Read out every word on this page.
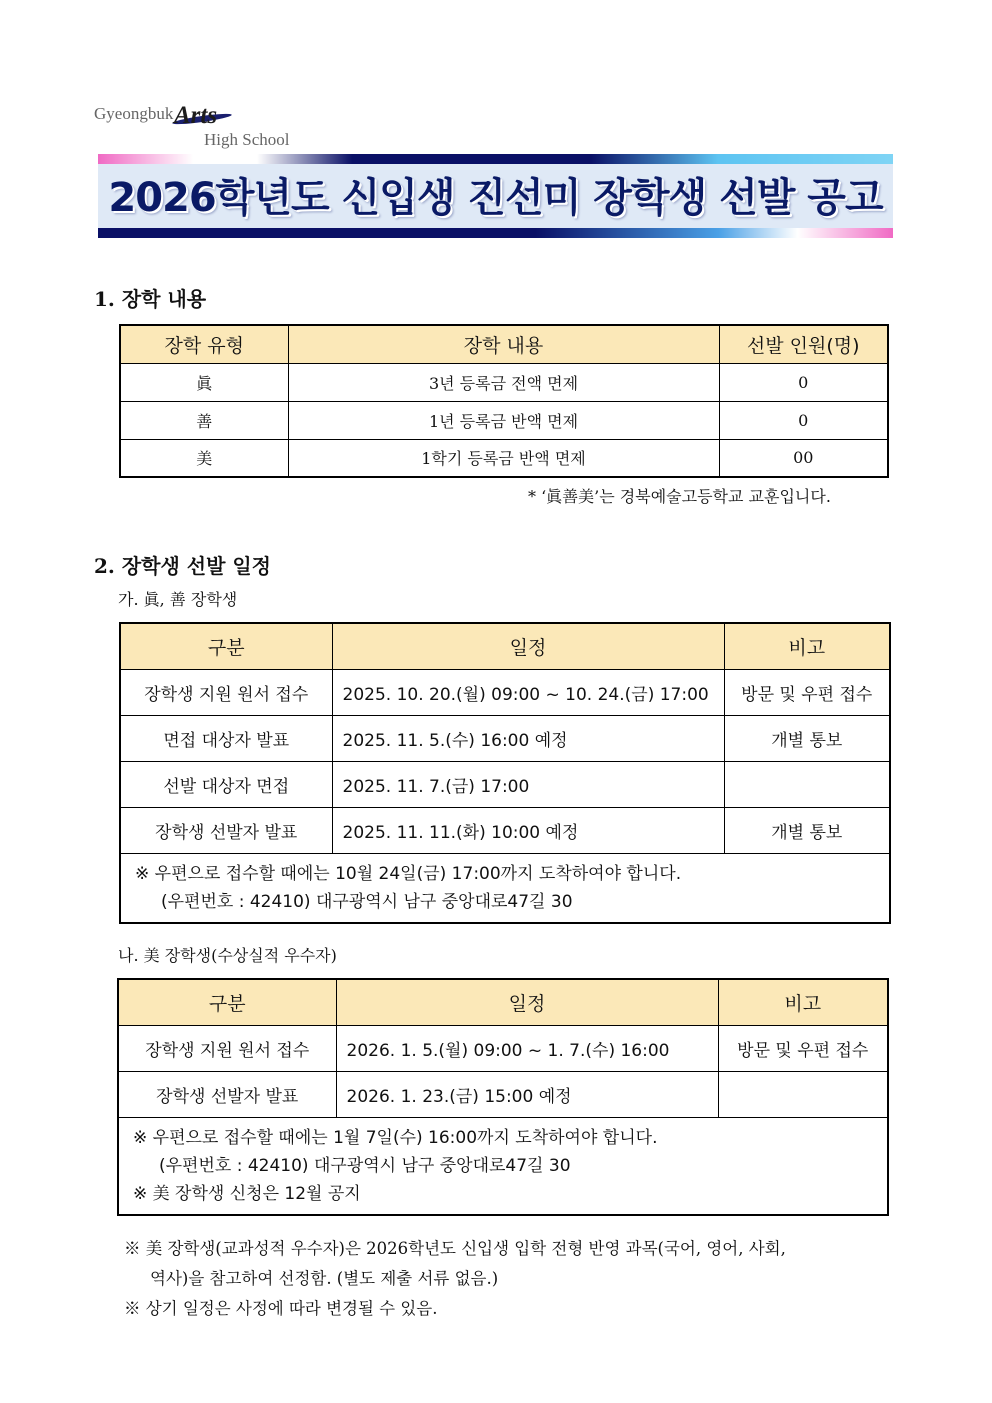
Gyeongbuk Arts
High School
2026학년도 신입생 진선미 장학생 선발 공고
1. 장학 내용
장학 유형	장학 내용	선발 인원(명)
眞	3년 등록금 전액 면제	0
善	1년 등록금 반액 면제	0
美	1학기 등록금 반액 면제	00
* ‘眞善美’는 경북예술고등학교 교훈입니다.
2. 장학생 선발 일정
가. 眞, 善 장학생
구분	일정	비고
장학생 지원 원서 접수	2025. 10. 20.(월) 09:00 ~ 10. 24.(금) 17:00	방문 및 우편 접수
면접 대상자 발표	2025. 11. 5.(수) 16:00 예정	개별 통보
선발 대상자 면접	2025. 11. 7.(금) 17:00	
장학생 선발자 발표	2025. 11. 11.(화) 10:00 예정	개별 통보

※ 우편으로 접수할 때에는 10월 24일(금) 17:00까지 도착하여야 합니다.
(우편번호 : 42410) 대구광역시 남구 중앙대로47길 30		
나. 美 장학생(수상실적 우수자)
구분	일정	비고
장학생 지원 원서 접수	2026. 1. 5.(월) 09:00 ~ 1. 7.(수) 16:00	방문 및 우편 접수
장학생 선발자 발표	2026. 1. 23.(금) 15:00 예정	

※ 우편으로 접수할 때에는 1월 7일(수) 16:00까지 도착하여야 합니다.
(우편번호 : 42410) 대구광역시 남구 중앙대로47길 30
※ 美 장학생 신청은 12월 공지		
※ 美 장학생(교과성적 우수자)은 2026학년도 신입생 입학 전형 반영 과목(국어, 영어, 사회,
역사)을 참고하여 선정함. (별도 제출 서류 없음.)
※ 상기 일정은 사정에 따라 변경될 수 있음.
